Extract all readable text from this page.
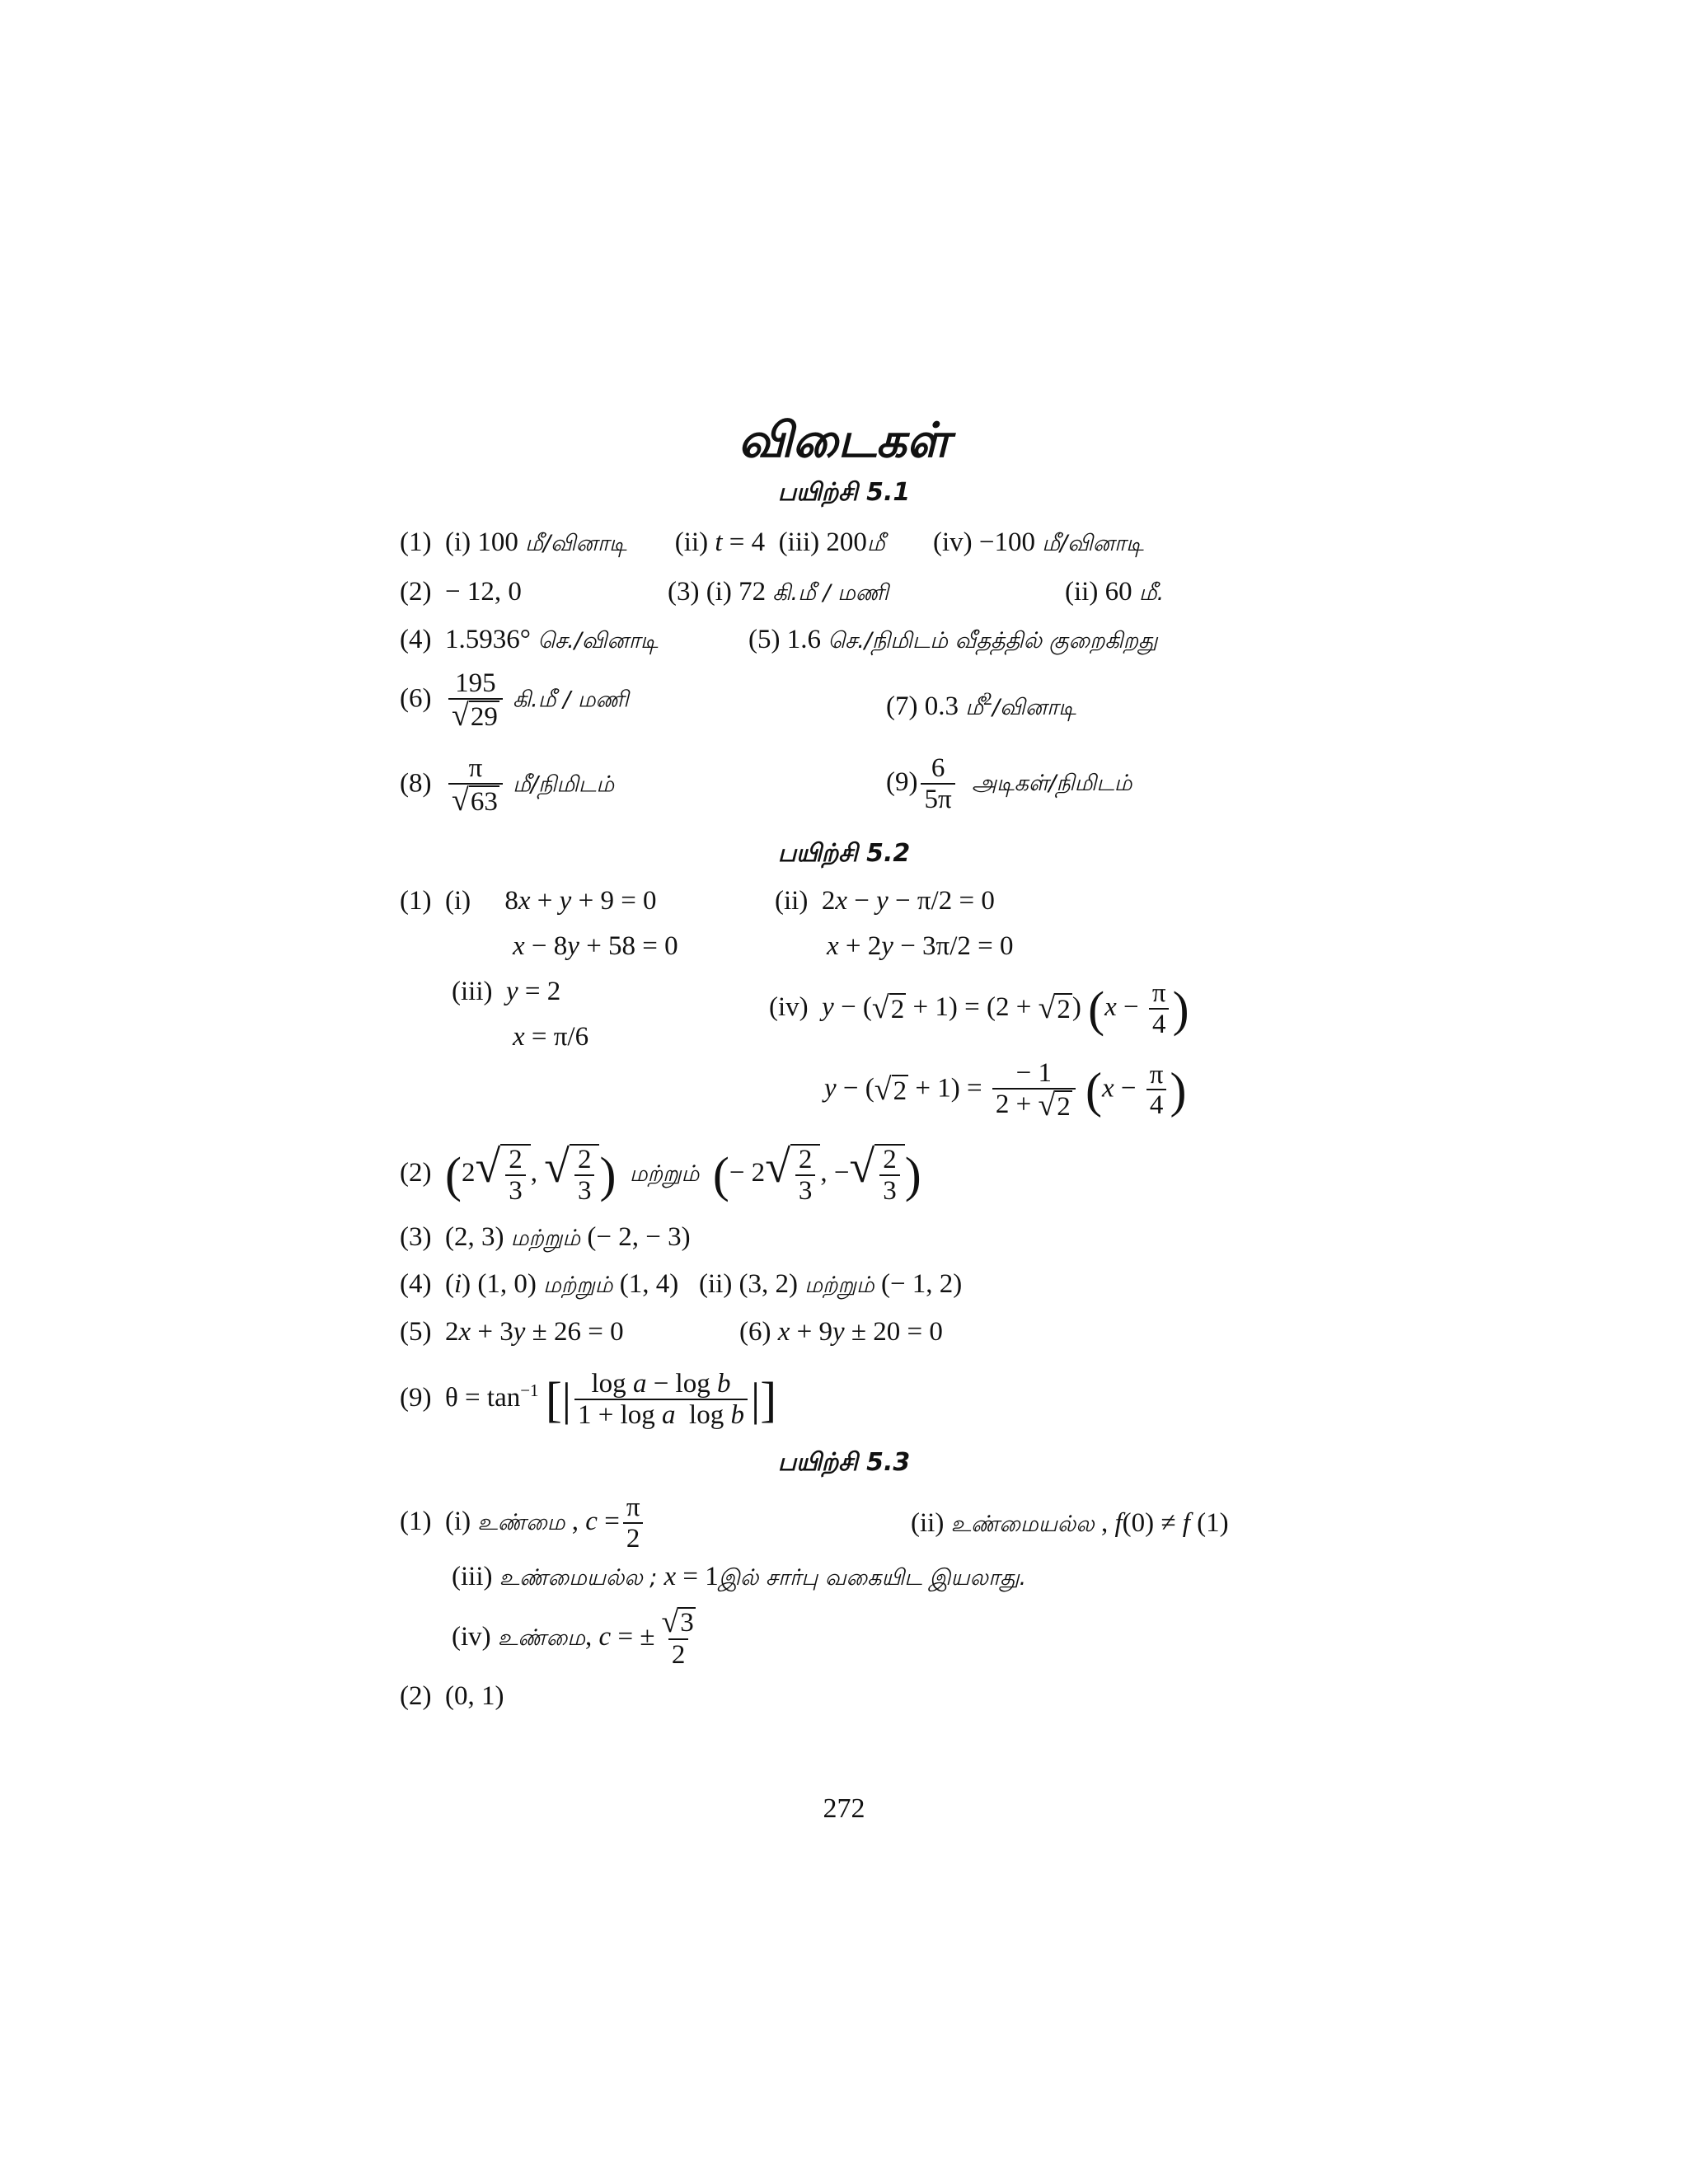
விடைகள்
பயிற்சி 5.1
பயிற்சி 5.2
பயிற்சி 5.3
(1)  (i) 100 மீ/வினாடி (ii) t = 4  (iii) 200மீ (iv) −100 மீ/வினாடி
(2)  − 12, 0	(3) (i) 72 கி.மீ / மணி	(ii) 60 மீ.
(4)  1.5936° செ./வினாடி	(5) 1.6 செ./நிமிடம் வீதத்தில் குறைகிறது
$(6) \frac{195}{√ 29}$ கி.மீ / மணி	(7) 0.3 மீ$^2$/வினாடி
$(8) \frac{\pi}{√ 63}$ மீ/நிமிடம்	$(9) \frac{6}{5\pi}$ அடிகள்/நிமிடம்
(1)  (i)     8x + y + 9 = 0
x − 8y + 58 = 0
(ii)  2x − y − π/2 = 0
x + 2y − 3π/2 = 0
(iii)  y = 2
x = π/6
(iv)  y − ( √ 2 + 1) = (2 + √ 2 ) ($x - \frac{\pi}{4}$ )
y − ( √ $2 + 1) = \frac{- 1}{2 + √ 2} (x - \frac{\pi}{4}$ )
(2)  (2 √ $\frac{2}{3}$ , √ $\frac{2}{3}$ ) மற்றும் (− 2 √ $\frac{2}{3}$ , − √ $\frac{2}{3}$ )
(3)  (2, 3) மற்றும் (− 2, − 3)
(4)  (i) (1, 0) மற்றும் (1, 4)   (ii) (3, 2) மற்றும் (− 1, 2)
(5)  2x + 3y ± 26 = 0	(6) x + 9y ± 20 = 0
(9)  $\theta = \tan^{-1}$ [| $\frac{\text{log a − log b}}{\text{1 + log a  log b}}$ |]
(1)  (i) உண்மை , $c = \frac{\pi}{2}$	(ii) உண்மையல்ல , f(0) ≠ f (1)
(iii) உண்மையல்ல ; x = 1இல் சார்பு வகையிட இயலாது.
(iv) உண்மை, c = ± $\frac{√ 3}{2}$
(2)  (0, 1)
272
